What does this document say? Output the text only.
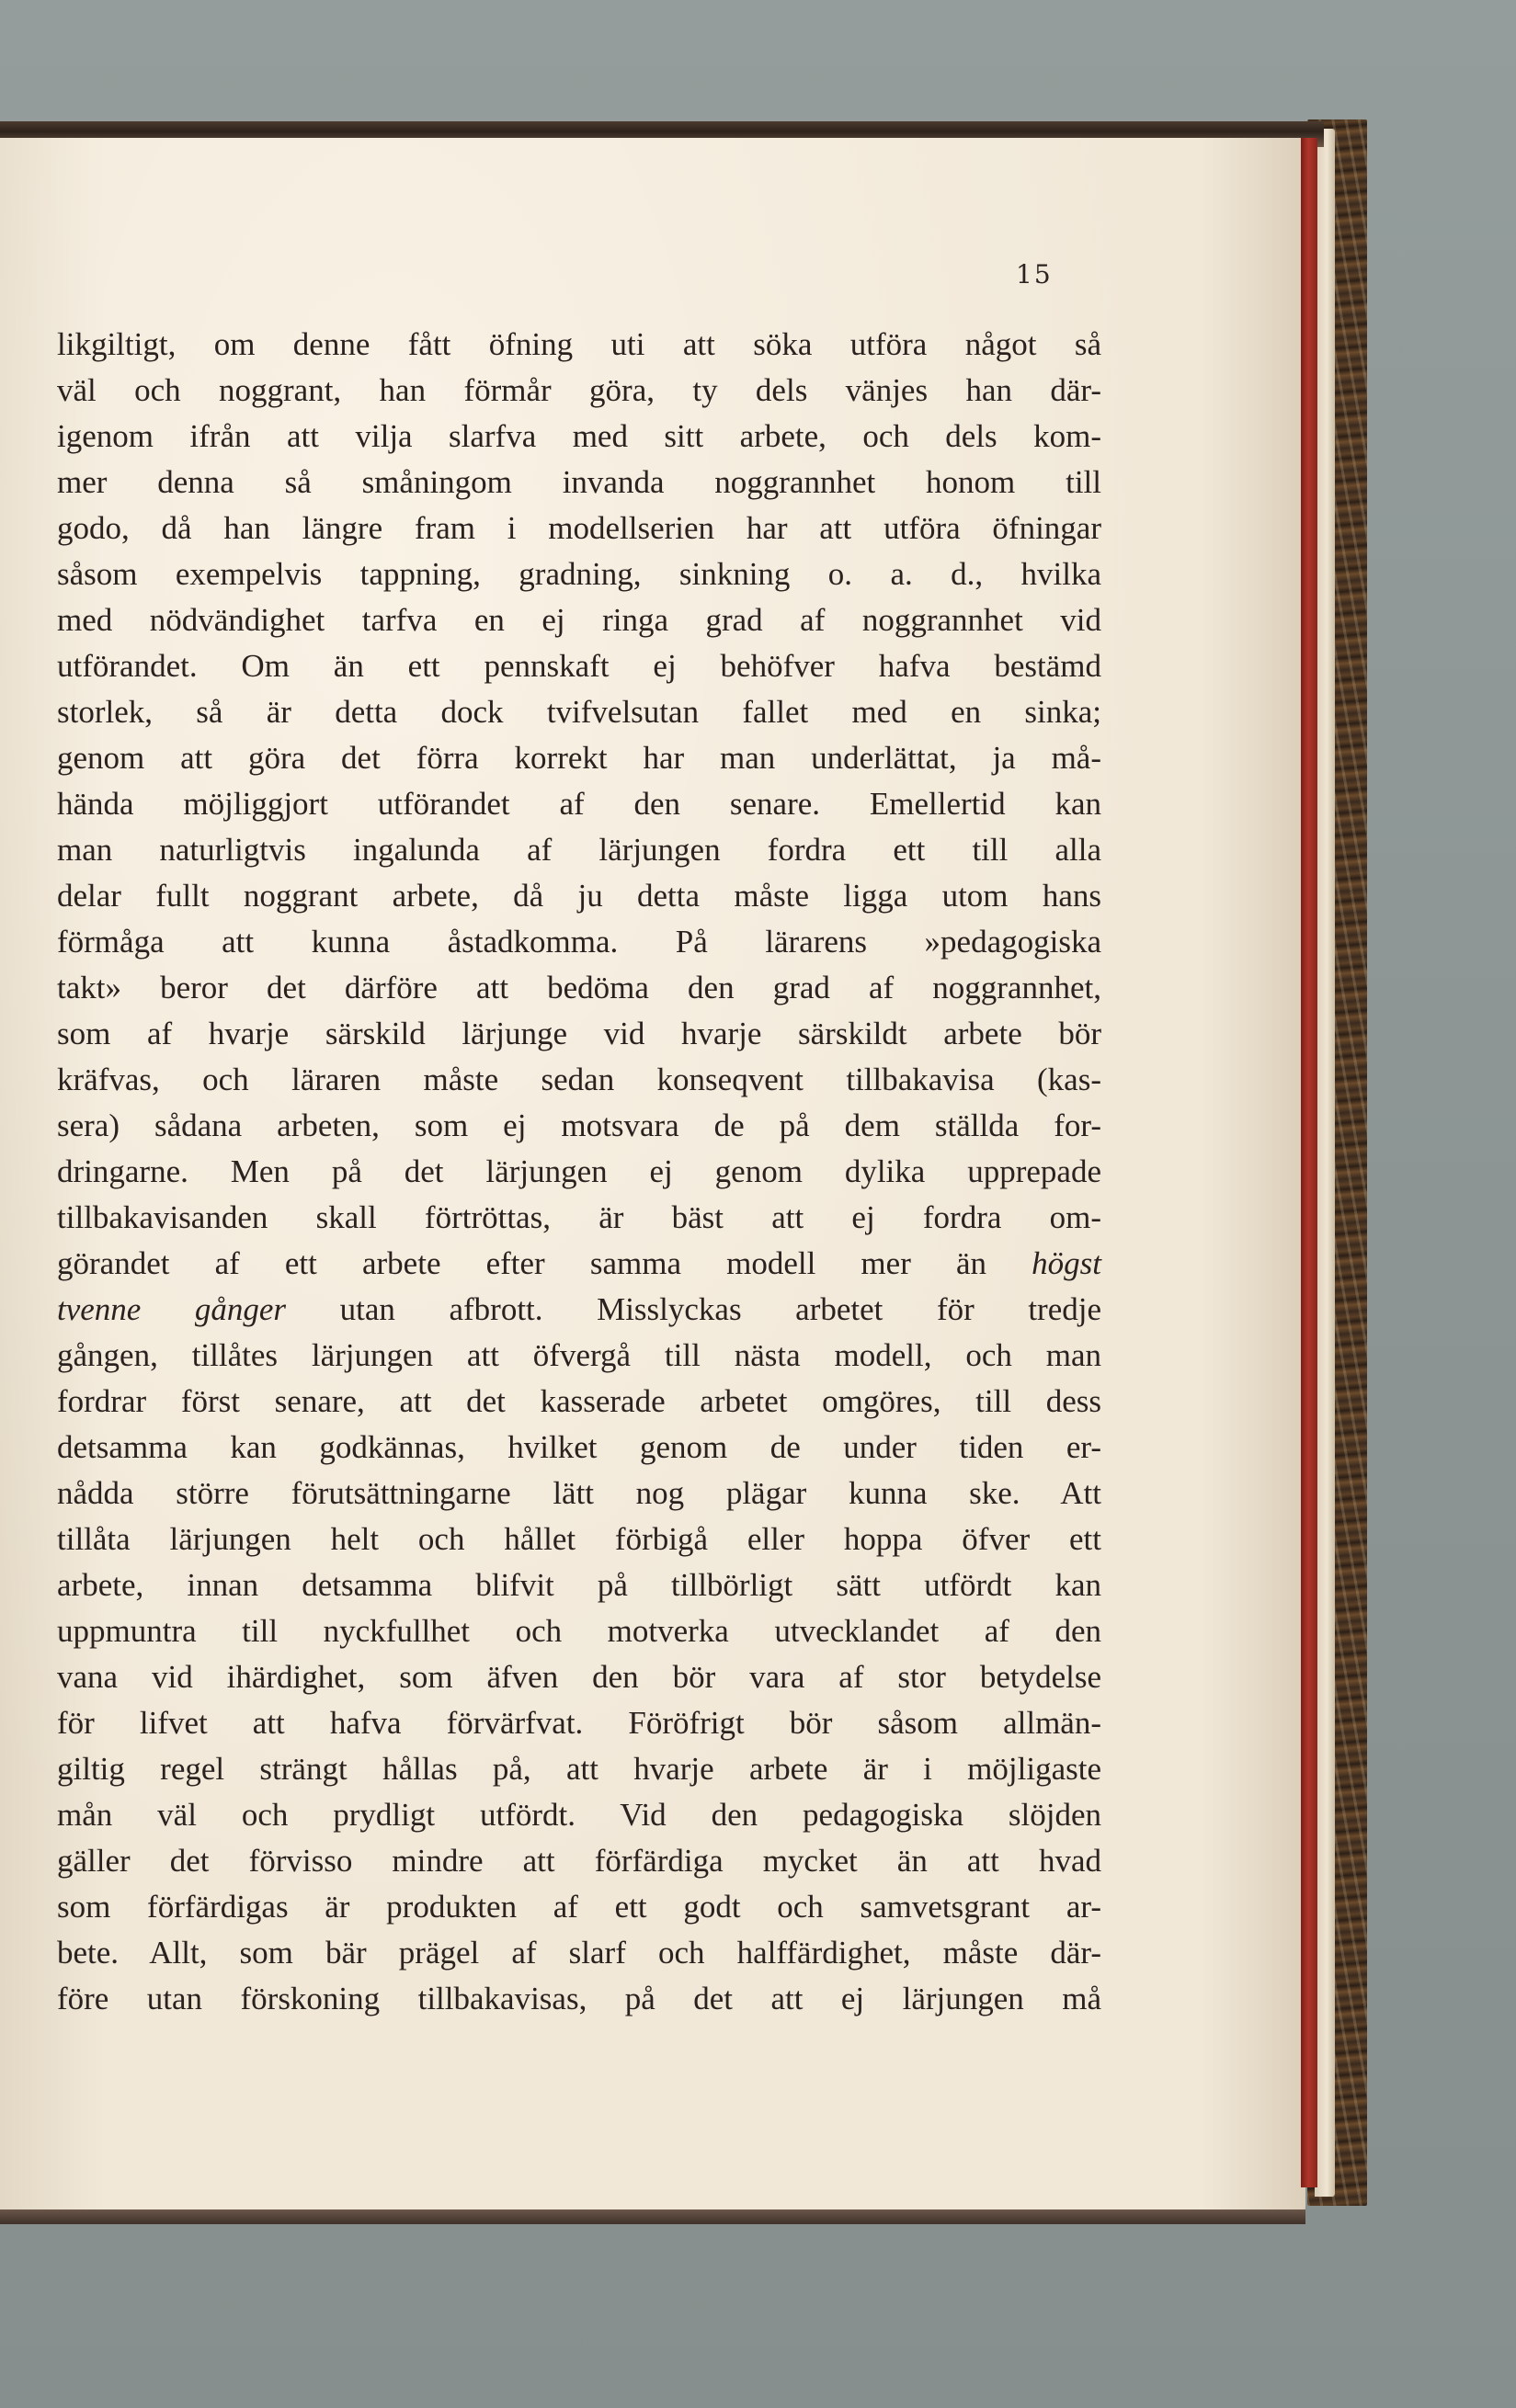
15
likgiltigt, om denne fått öfning uti att söka utföra något så
väl och noggrant, han förmår göra, ty dels vänjes han där-
igenom ifrån att vilja slarfva med sitt arbete, och dels kom-
mer denna så småningom invanda noggrannhet honom till
godo, då han längre fram i modellserien har att utföra öfningar
såsom exempelvis tappning, gradning, sinkning o. a. d., hvilka
med nödvändighet tarfva en ej ringa grad af noggrannhet vid
utförandet. Om än ett pennskaft ej behöfver hafva bestämd
storlek, så är detta dock tvifvelsutan fallet med en sinka;
genom att göra det förra korrekt har man underlättat, ja må-
hända möjliggjort utförandet af den senare. Emellertid kan
man naturligtvis ingalunda af lärjungen fordra ett till alla
delar fullt noggrant arbete, då ju detta måste ligga utom hans
förmåga att kunna åstadkomma. På lärarens »pedagogiska
takt» beror det därföre att bedöma den grad af noggrannhet,
som af hvarje särskild lärjunge vid hvarje särskildt arbete bör
kräfvas, och läraren måste sedan konseqvent tillbakavisa (kas-
sera) sådana arbeten, som ej motsvara de på dem ställda for-
dringarne. Men på det lärjungen ej genom dylika upprepade
tillbakavisanden skall förtröttas, är bäst att ej fordra om-
görandet af ett arbete efter samma modell mer än högst
tvenne gånger utan afbrott. Misslyckas arbetet för tredje
gången, tillåtes lärjungen att öfvergå till nästa modell, och man
fordrar först senare, att det kasserade arbetet omgöres, till dess
detsamma kan godkännas, hvilket genom de under tiden er-
nådda större förutsättningarne lätt nog plägar kunna ske. Att
tillåta lärjungen helt och hållet förbigå eller hoppa öfver ett
arbete, innan detsamma blifvit på tillbörligt sätt utfördt kan
uppmuntra till nyckfullhet och motverka utvecklandet af den
vana vid ihärdighet, som äfven den bör vara af stor betydelse
för lifvet att hafva förvärfvat. Föröfrigt bör såsom allmän-
giltig regel strängt hållas på, att hvarje arbete är i möjligaste
mån väl och prydligt utfördt. Vid den pedagogiska slöjden
gäller det förvisso mindre att förfärdiga mycket än att hvad
som förfärdigas är produkten af ett godt och samvetsgrant ar-
bete. Allt, som bär prägel af slarf och halffärdighet, måste där-
före utan förskoning tillbakavisas, på det att ej lärjungen må
